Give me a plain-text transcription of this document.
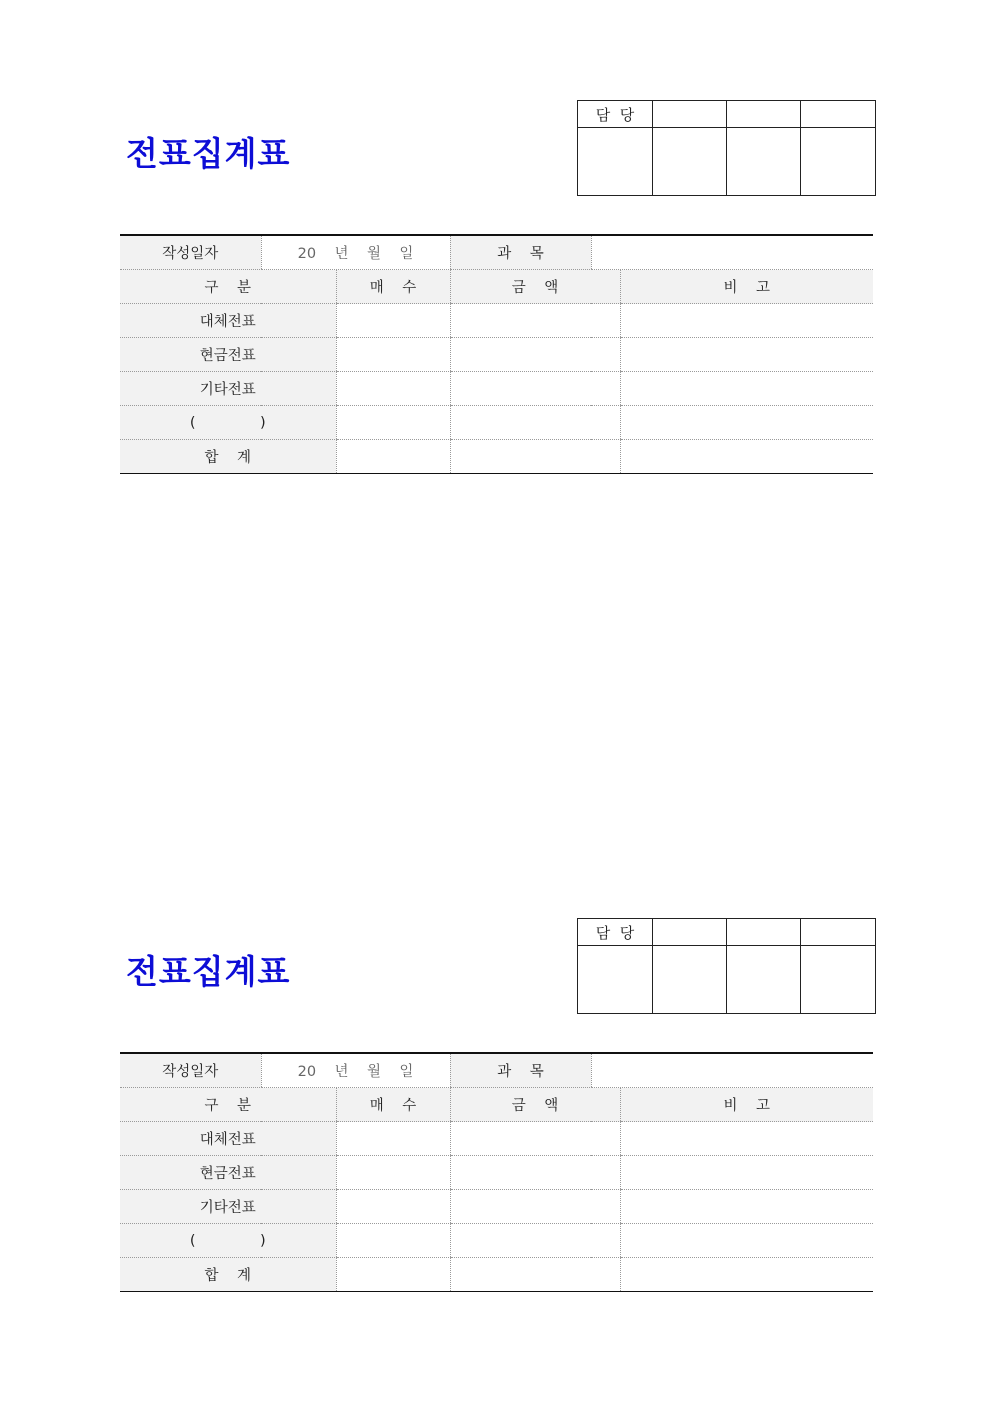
전표집계표
담  당			

작성일자	20    년    월    일		과    목		
구    분		매    수	금    액		비    고
대체전표					
현금전표					
기타전표					
(              )					
합    계					
전표집계표
담  당			

작성일자	20    년    월    일		과    목		
구    분		매    수	금    액		비    고
대체전표					
현금전표					
기타전표					
(              )					
합    계					
